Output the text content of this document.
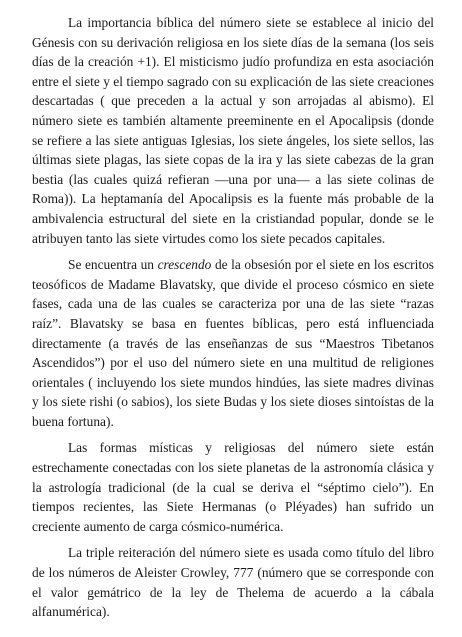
La importancia bíblica del número siete se establece al inicio del Génesis con su derivación religiosa en los siete días de la semana (los seis días de la creación +1). El misticismo judío profundiza en esta asociación entre el siete y el tiempo sagrado con su explicación de las siete creaciones descartadas ( que preceden a la actual y son arrojadas al abismo). El número siete es también altamente preeminente en el Apocalipsis (donde se refiere a las siete antiguas Iglesias, los siete ángeles, los siete sellos, las últimas siete plagas, las siete copas de la ira y las siete cabezas de la gran bestia (las cuales quizá refieran —una por una— a las siete colinas de Roma)). La heptamanía del Apocalipsis es la fuente más probable de la ambivalencia estructural del siete en la cristiandad popular, donde se le atribuyen tanto las siete virtudes como los siete pecados capitales.

Se encuentra un crescendo de la obsesión por el siete en los escritos teosóficos de Madame Blavatsky, que divide el proceso cósmico en siete fases, cada una de las cuales se caracteriza por una de las siete “razas raíz”. Blavatsky se basa en fuentes bíblicas, pero está influenciada directamente (a través de las enseñanzas de sus “Maestros Tibetanos Ascendidos”) por el uso del número siete en una multitud de religiones orientales ( incluyendo los siete mundos hindúes, las siete madres divinas y los siete rishi (o sabios), los siete Budas y los siete dioses sintoístas de la buena fortuna).

Las formas místicas y religiosas del número siete están estrechamente conectadas con los siete planetas de la astronomía clásica y la astrología tradicional (de la cual se deriva el “séptimo cielo”). En tiempos recientes, las Siete Hermanas (o Pléyades) han sufrido un creciente aumento de carga cósmico-numérica.

La triple reiteración del número siete es usada como título del libro de los números de Aleister Crowley, 777 (número que se corresponde con el valor gemátrico de la ley de Thelema de acuerdo a la cábala alfanumérica).
